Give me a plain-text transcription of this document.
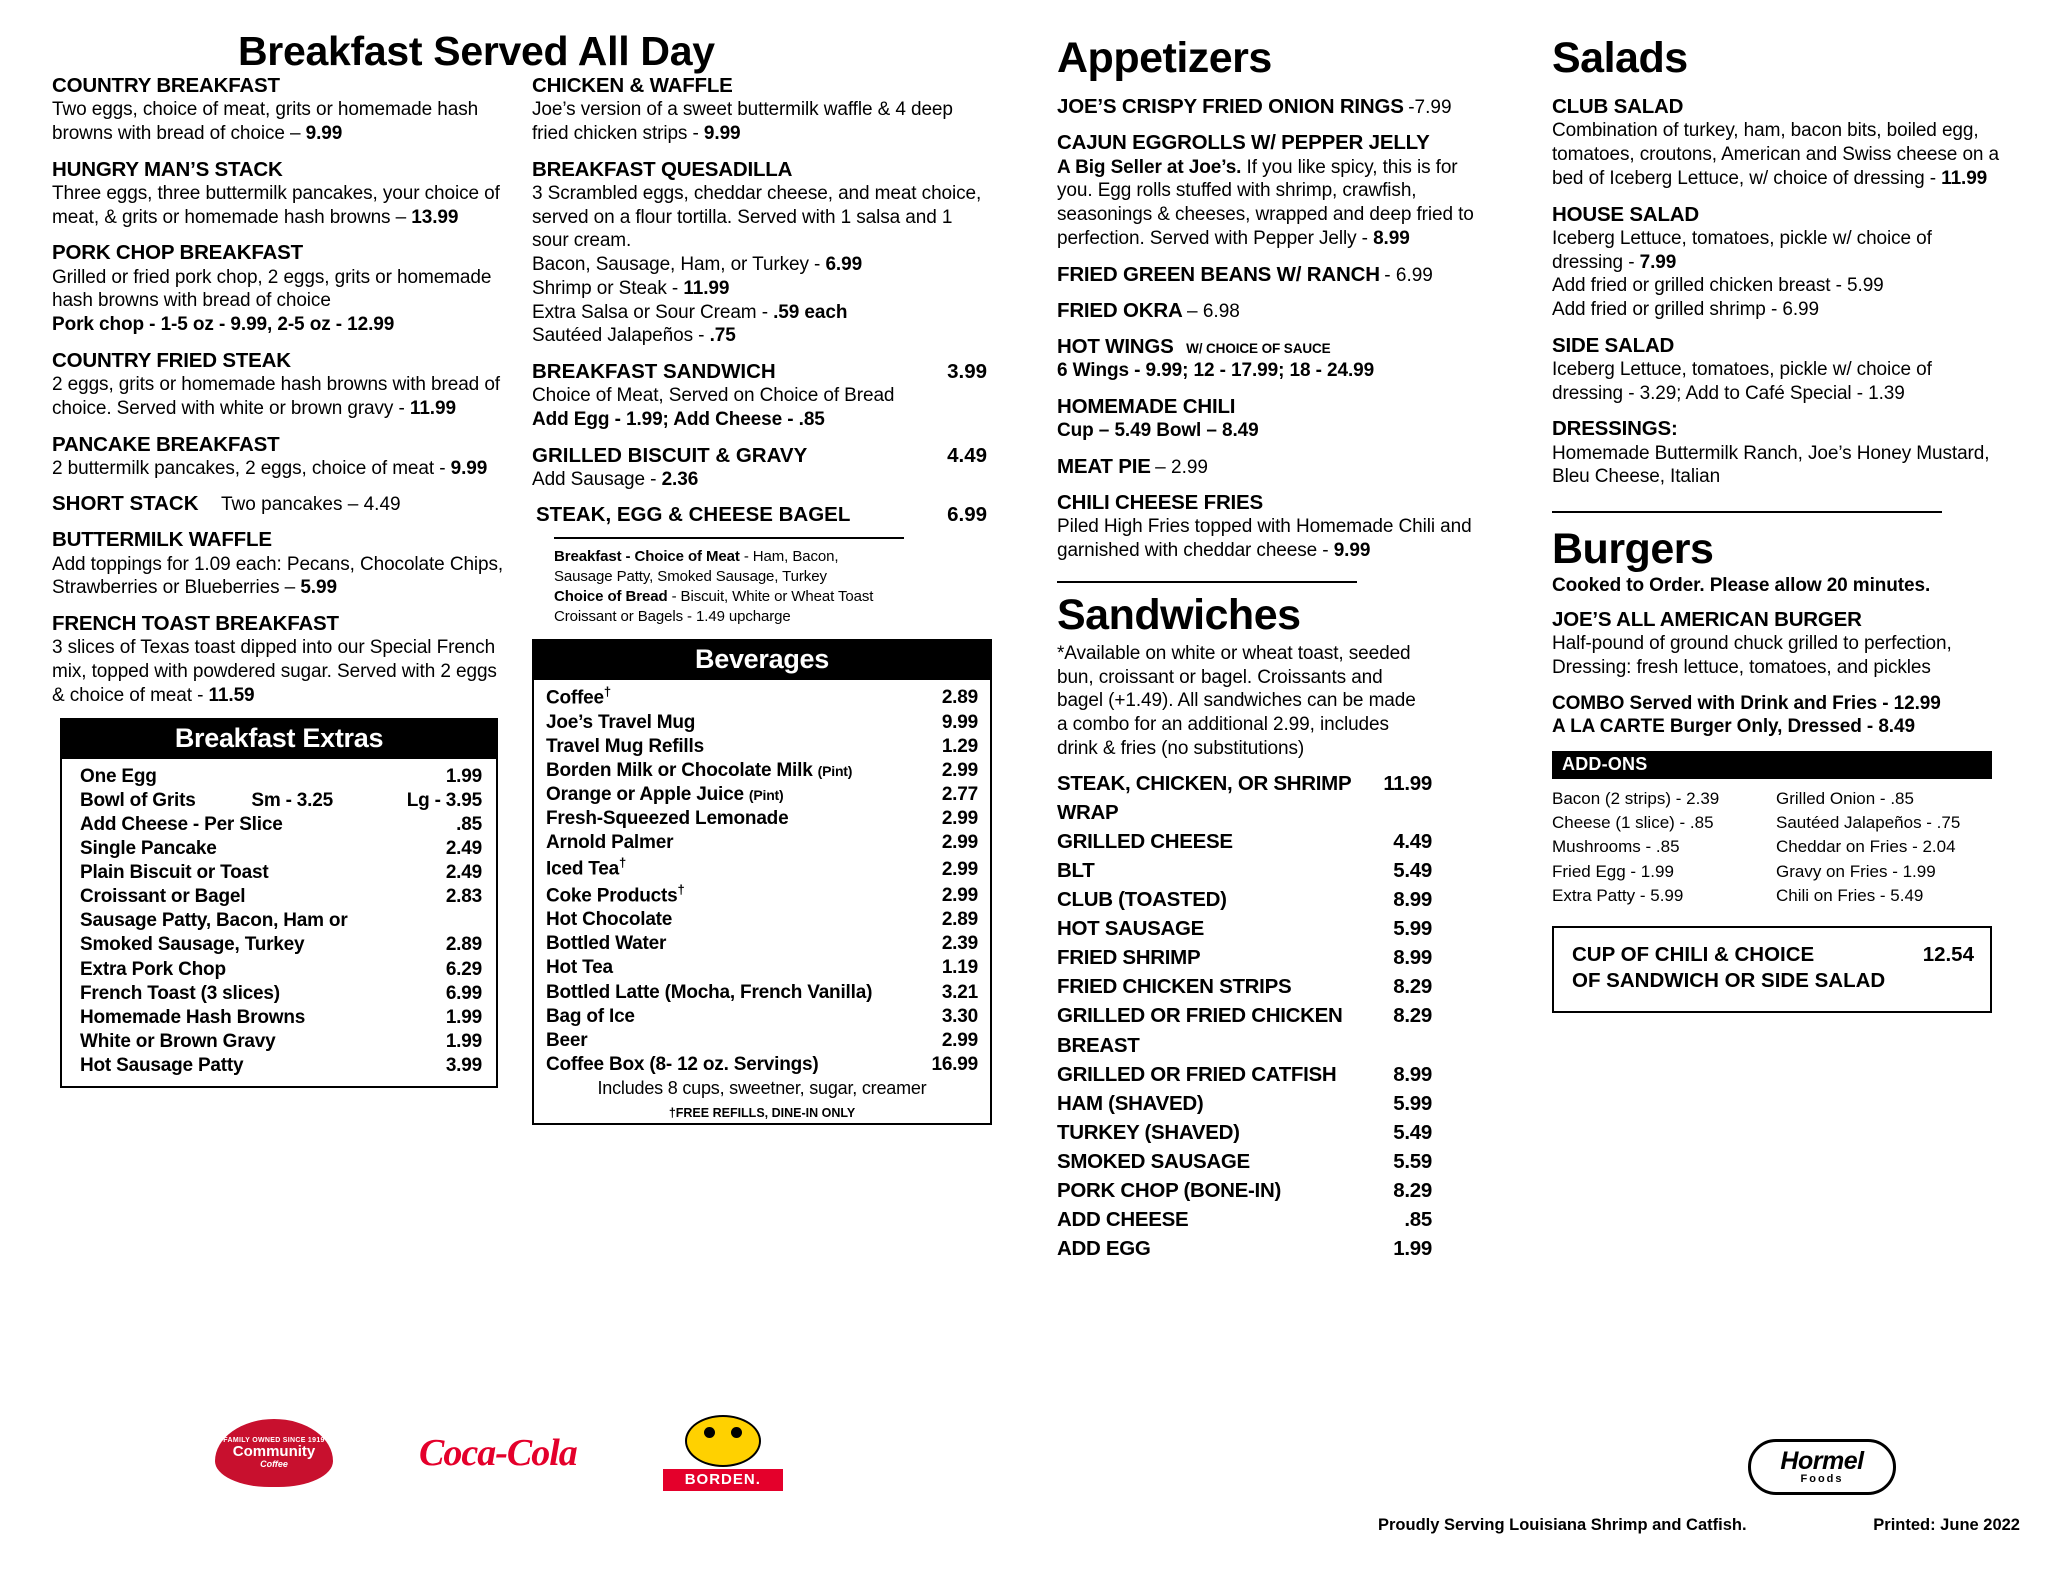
Breakfast Served All Day
COUNTRY BREAKFAST
Two eggs, choice of meat, grits or homemade hash browns with bread of choice – 9.99
HUNGRY MAN’S STACK
Three eggs, three buttermilk pancakes, your choice of meat, & grits or homemade hash browns – 13.99
PORK CHOP BREAKFAST
Grilled or fried pork chop, 2 eggs, grits or homemade hash browns with bread of choice
Pork chop - 1-5 oz - 9.99, 2-5 oz - 12.99
COUNTRY FRIED STEAK
2 eggs, grits or homemade hash browns with bread of choice. Served with white or brown gravy - 11.99
PANCAKE BREAKFAST
2 buttermilk pancakes, 2 eggs, choice of meat - 9.99
SHORT STACK Two pancakes – 4.49
BUTTERMILK WAFFLE
Add toppings for 1.09 each: Pecans, Chocolate Chips, Strawberries or Blueberries – 5.99
FRENCH TOAST BREAKFAST
3 slices of Texas toast dipped into our Special French mix, topped with powdered sugar. Served with 2 eggs & choice of meat - 11.59
Breakfast Extras
One Egg	1.99
Bowl of Grits	Sm - 3.25	Lg - 3.95
Add Cheese - Per Slice	.85
Single Pancake	2.49
Plain Biscuit or Toast	2.49
Croissant or Bagel	2.83
Sausage Patty, Bacon, Ham or
Smoked Sausage, Turkey	2.89
Extra Pork Chop	6.29
French Toast (3 slices)	6.99
Homemade Hash Browns	1.99
White or Brown Gravy	1.99
Hot Sausage Patty	3.99
CHICKEN & WAFFLE
Joe’s version of a sweet buttermilk waffle & 4 deep fried chicken strips - 9.99
BREAKFAST QUESADILLA
3 Scrambled eggs, cheddar cheese, and meat choice, served on a flour tortilla. Served with 1 salsa and 1 sour cream.
Bacon, Sausage, Ham, or Turkey - 6.99
Shrimp or Steak - 11.99
Extra Salsa or Sour Cream - .59 each
Sautéed Jalapeños - .75
BREAKFAST SANDWICH	3.99
Choice of Meat, Served on Choice of Bread
Add Egg - 1.99; Add Cheese - .85
GRILLED BISCUIT & GRAVY	4.49
Add Sausage - 2.36
STEAK, EGG & CHEESE BAGEL	6.99
Breakfast - Choice of Meat - Ham, Bacon,
Sausage Patty, Smoked Sausage, Turkey
Choice of Bread - Biscuit, White or Wheat Toast
Croissant or Bagels - 1.49 upcharge
Beverages
Coffee†	2.89
Joe’s Travel Mug	9.99
Travel Mug Refills	1.29
Borden Milk or Chocolate Milk (Pint)	2.99
Orange or Apple Juice (Pint)	2.77
Fresh-Squeezed Lemonade	2.99
Arnold Palmer	2.99
Iced Tea†	2.99
Coke Products†	2.99
Hot Chocolate	2.89
Bottled Water	2.39
Hot Tea	1.19
Bottled Latte (Mocha, French Vanilla)	3.21
Bag of Ice	3.30
Beer	2.99
Coffee Box (8- 12 oz. Servings)	16.99
Includes 8 cups, sweetner, sugar, creamer
†FREE REFILLS, DINE-IN ONLY
Appetizers
JOE’S CRISPY FRIED ONION RINGS -7.99
CAJUN EGGROLLS W/ PEPPER JELLY
A Big Seller at Joe’s. If you like spicy, this is for you. Egg rolls stuffed with shrimp, crawfish, seasonings & cheeses, wrapped and deep fried to perfection. Served with Pepper Jelly - 8.99
FRIED GREEN BEANS W/ RANCH - 6.99
FRIED OKRA – 6.98
HOT WINGS W/ CHOICE OF SAUCE
6 Wings - 9.99; 12 - 17.99; 18 - 24.99
HOMEMADE CHILI
Cup – 5.49 Bowl – 8.49
MEAT PIE – 2.99
CHILI CHEESE FRIES
Piled High Fries topped with Homemade Chili and garnished with cheddar cheese - 9.99
Sandwiches
*Available on white or wheat toast, seeded bun, croissant or bagel. Croissants and bagel (+1.49). All sandwiches can be made a combo for an additional 2.99, includes drink & fries (no substitutions)
STEAK, CHICKEN, OR SHRIMP WRAP
11.99
GRILLED CHEESE	4.49
BLT	5.49
CLUB (TOASTED)	8.99
HOT SAUSAGE	5.99
FRIED SHRIMP	8.99
FRIED CHICKEN STRIPS	8.29
GRILLED OR FRIED CHICKEN BREAST
8.29
GRILLED OR FRIED CATFISH	8.99
HAM (SHAVED)	5.99
TURKEY (SHAVED)	5.49
SMOKED SAUSAGE	5.59
PORK CHOP (BONE-IN)	8.29
ADD CHEESE	.85
ADD EGG	1.99
Salads
CLUB SALAD
Combination of turkey, ham, bacon bits, boiled egg, tomatoes, croutons, American and Swiss cheese on a bed of Iceberg Lettuce, w/ choice of dressing - 11.99
HOUSE SALAD
Iceberg Lettuce, tomatoes, pickle w/ choice of dressing - 7.99
Add fried or grilled chicken breast - 5.99
Add fried or grilled shrimp - 6.99
SIDE SALAD
Iceberg Lettuce, tomatoes, pickle w/ choice of dressing - 3.29; Add to Café Special - 1.39
DRESSINGS:
Homemade Buttermilk Ranch, Joe’s Honey Mustard, Bleu Cheese, Italian
Burgers
Cooked to Order. Please allow 20 minutes.
JOE’S ALL AMERICAN BURGER
Half-pound of ground chuck grilled to perfection, Dressing: fresh lettuce, tomatoes, and pickles
COMBO Served with Drink and Fries - 12.99
A LA CARTE Burger Only, Dressed - 8.49
ADD-ONS
Bacon (2 strips) - 2.39
Cheese (1 slice) - .85
Mushrooms - .85
Fried Egg - 1.99
Extra Patty - 5.99
Grilled Onion - .85
Sautéed Jalapeños - .75
Cheddar on Fries - 2.04
Gravy on Fries - 1.99
Chili on Fries - 5.49
CUP OF CHILI & CHOICE	12.54
OF SANDWICH OR SIDE SALAD
FAMILY OWNED SINCE 1919
Community
Coffee	Coca-Cola
BORDEN.
Hormel
Foods
Proudly Serving Louisiana Shrimp and Catfish.	Printed: June 2022
